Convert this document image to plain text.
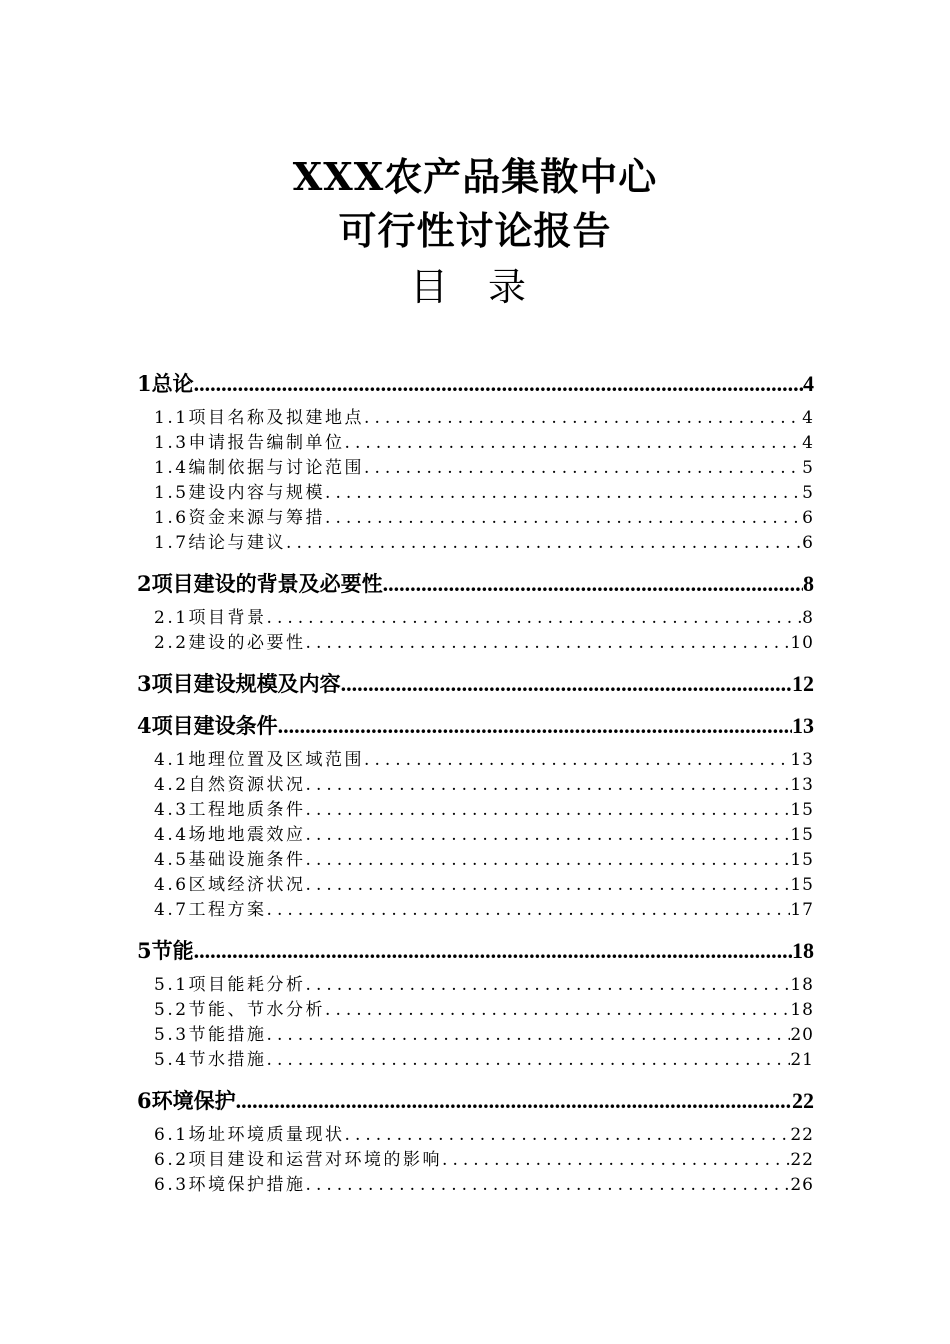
XXX农产品集散中心
可行性讨论报告
目 录
1总论 .....	4
1.1项目名称及拟建地点 .....	4
1.3申请报告编制单位 .....	4
1.4编制依据与讨论范围 .....	5
1.5建设内容与规模 .....	5
1.6资金来源与筹措 .....	6
1.7结论与建议 .....	6
2项目建设的背景及必要性 .....	8
2.1项目背景 .....	8
2.2建设的必要性 .....	10
3项目建设规模及内容 .....	12
4项目建设条件 .....	13
4.1地理位置及区域范围 .....	13
4.2自然资源状况 .....	13
4.3工程地质条件 .....	15
4.4场地地震效应 .....	15
4.5基础设施条件 .....	15
4.6区域经济状况 .....	15
4.7工程方案 .....	17
5节能 .....	18
5.1项目能耗分析 .....	18
5.2节能、节水分析 .....	18
5.3节能措施 .....	20
5.4节水措施 .....	21
6环境保护 .....	22
6.1场址环境质量现状 .....	22
6.2项目建设和运营对环境的影响 .....	22
6.3环境保护措施 .....	26
